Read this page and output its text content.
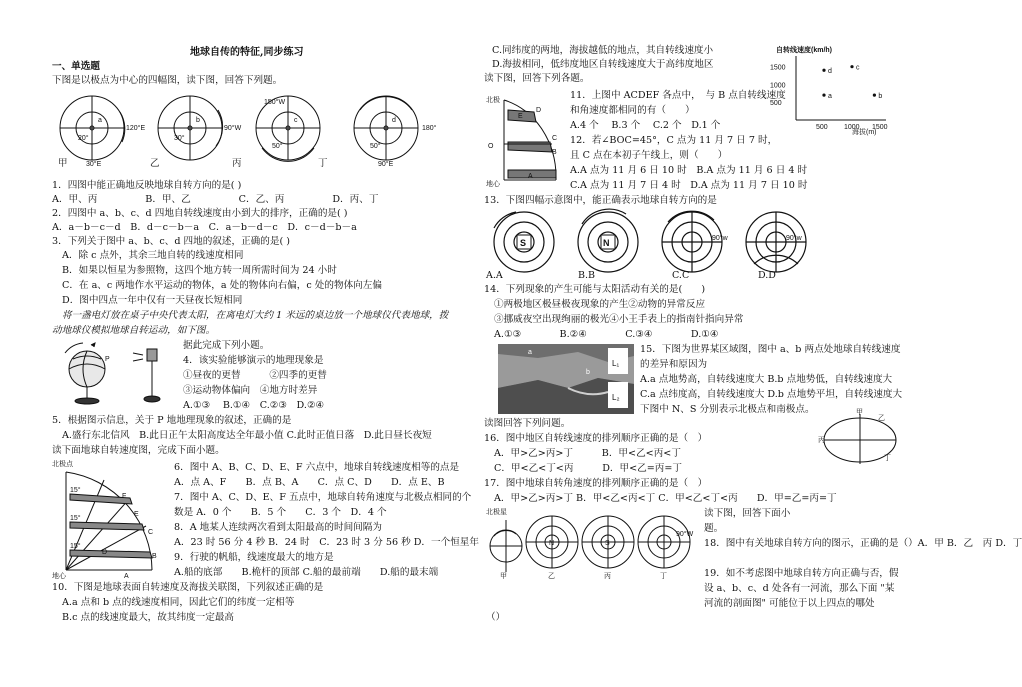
地球自传的特征,同步练习
一、单选题
下图是以极点为中心的四幅图，读下图，回答下列题。
120°E
30°E
20°
90°W
30°
150°W
50°
180°
90°E
50°
a	b	c	d
甲	乙	丙	丁
1．四图中能正确地反映地球自转方向的是( )
A．甲、丙　　　　　B．甲、乙　　　　　C．乙、丙　　　　　D．丙、丁
2．四图中 a、b、c、d 四地自转线速度由小到大的排序，正确的是( )
A．a－b－c－d　B．d－c－b－a　C．a－b－d－c　D．c－d－b－a
3．下列关于图中 a、b、c、d 四地的叙述，正确的是( )
A．除 c 点外，其余三地自转的线速度相同
B．如果以恒星为参照物，这四个地方转一周所需时间为 24 小时
C．在 a、c 两地作水平运动的物体，a 处的物体向右偏，c 处的物体向左偏
D．图中四点一年中仅有一天昼夜长短相同
将一盏电灯放在桌子中央代表太阳，在离电灯大约 1 米远的桌边放一个地球仪代表地球，拨
动地球仪模拟地球自转运动，如下图。
P
据此完成下列小题。
4．该实验能够演示的地理现象是
①昼夜的更替　　　②四季的更替
③运动物体偏向　④地方时差异
A.①③　 B.①④　C.②③　D.②④
5．根据图示信息，关于 P 地地理现象的叙述，正确的是
A.盛行东北信风　B.此日正午太阳高度达全年最小值 C.此时正值日落　D.此日昼长夜短
读下面地球自转速度图，完成下面小题。
北极点
15°
15°
15°
地心
F
E
C
B
A
D
6．图中 A、B、C、D、E、F 六点中，地球自转线速度相等的点是
A．点 A、F　　B．点 B、A　　C．点 C、D　　D．点 E、B
7．图中 A、C、D、E、F 五点中，地球自转角速度与北极点相同的个
数是 A．0 个　　B．5 个　　C．3 个　D．4 个
8．A 地某人连续两次看到太阳最高的时间间隔为
A．23 时 56 分 4 秒 B．24 时　C．23 时 3 分 56 秒 D．一个恒星年
9．行驶的帆船，线速度最大的地方是
A.船的底部　　B.桅杆的顶部 C.船的最前端　　D.船的最末端
10．下图是地球表面自转速度及海拔关联图，下列叙述正确的是
A.a 点和 b 点的线速度相同，因此它们的纬度一定相等
B.c 点的线速度最大，故其纬度一定最高
C.同纬度的两地，海拔越低的地点，其自转线速度小
D.海拔相同，低纬度地区自转线速度大于高纬度地区
读下图，回答下列各题。
自转线速度(km/h)
500
1000
1500
500 1000 1500
a	b
c
d
海拔(m)
北极
O
地心
D
E
C
B
A
11．上图中 ACDEF 各点中，　与 B 点自转线速度
和角速度都相同的有（　　）
A.4 个　 B.3 个　 C.2 个　D.1 个
12．若∠BOC=45°，C 点为 11 月 7 日 7 时，
且 C 点在本初子午线上，则（　　）
A.A 点为 11 月 6 日 10 时　B.A 点为 11 月 6 日 4 时
C.A 点为 11 月 7 日 4 时　D.A 点为 11 月 7 日 10 时
13．下图四幅示意图中，能正确表示地球自转方向的是
S	N	90°w	90°w
A.A	B.B	C.C	D.D
14．下列现象的产生可能与太阳活动有关的是(　　)
①两极地区极昼极夜现象的产生②动物的异常反应
③挪威夜空出现绚丽的极光④小王手表上的指南针指向异常
A.①③　　　　B.②④　　　　C.③④　　　　D.①④
L₁
L₂
a
b
15．下图为世界某区域图，图中 a、b 两点处地球自转线速度
的差异和原因为
A.a 点地势高，自转线速度大 B.b 点地势低，自转线速度大
C.a 点纬度高，自转线速度大 D.b 点地势平坦，自转线速度大
下图中 N、S 分别表示北极点和南极点。
丙
甲
乙
丁
读图回答下列问题。
16．图中地区自转线速度的排列顺序正确的是（　）
A．甲>乙>丙>丁　　　B．甲<乙<丙<丁
C．甲<乙<丁<丙　　　D．甲<乙=丙=丁
17．图中地球自转角速度的排列顺序正确的是（　）
A．甲>乙>丙>丁 B．甲<乙<丙<丁 C．甲<乙<丁<丙　　D．甲=乙=丙=丁
北极星
N	S
90°W
甲	乙	丙	丁
读下图，回答下面小
题。
18．图中有关地球自转方向的图示，正确的是（）A．甲 B．乙　丙 D．丁
19．如不考虑图中地球自转方向正确与否，假
设 a、b、c、d 处各有一河流，那么下面 "某
河流的剖面图" 可能位于以上四点的哪处
（）
